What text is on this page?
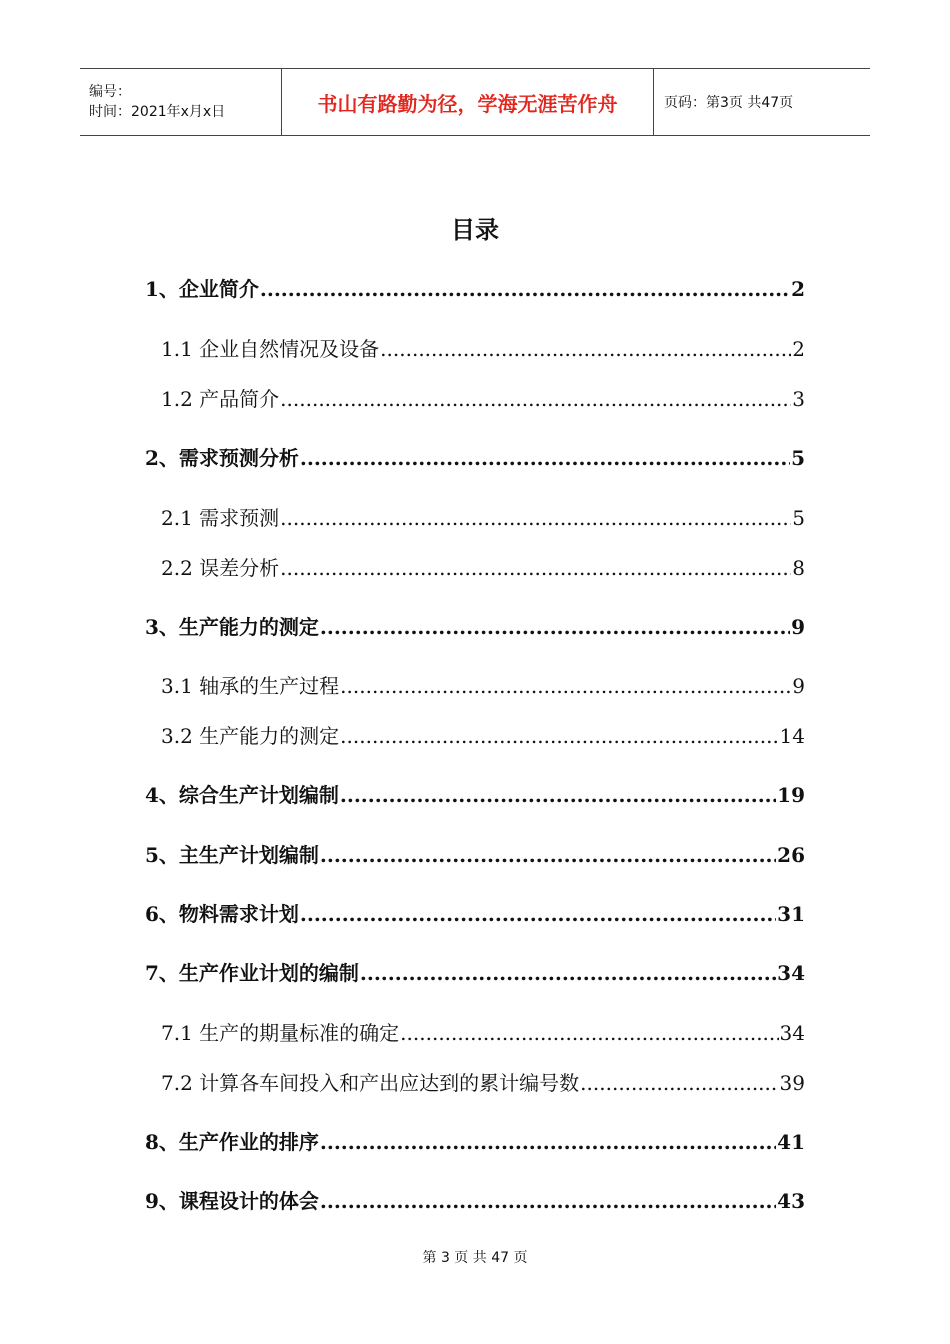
编号：
时间：2021年x月x日	书山有路勤为径，学海无涯苦作舟	页码：第3页 共47页
目录
1、企业简介 .....	2
1.1 企业自然情况及设备 .....	2
1.2 产品简介 .....	3
2、需求预测分析 .....	5
2.1 需求预测 .....	5
2.2 误差分析 .....	8
3、生产能力的测定 .....	9
3.1 轴承的生产过程 .....	9
3.2 生产能力的测定 .....	14
4、综合生产计划编制 .....	19
5、主生产计划编制 .....	26
6、物料需求计划 .....	31
7、生产作业计划的编制 .....	34
7.1 生产的期量标准的确定 .....	34
7.2 计算各车间投入和产出应达到的累计编号数 .....	39
8、生产作业的排序 .....	41
9、课程设计的体会 .....	43
第 3 页 共 47 页
